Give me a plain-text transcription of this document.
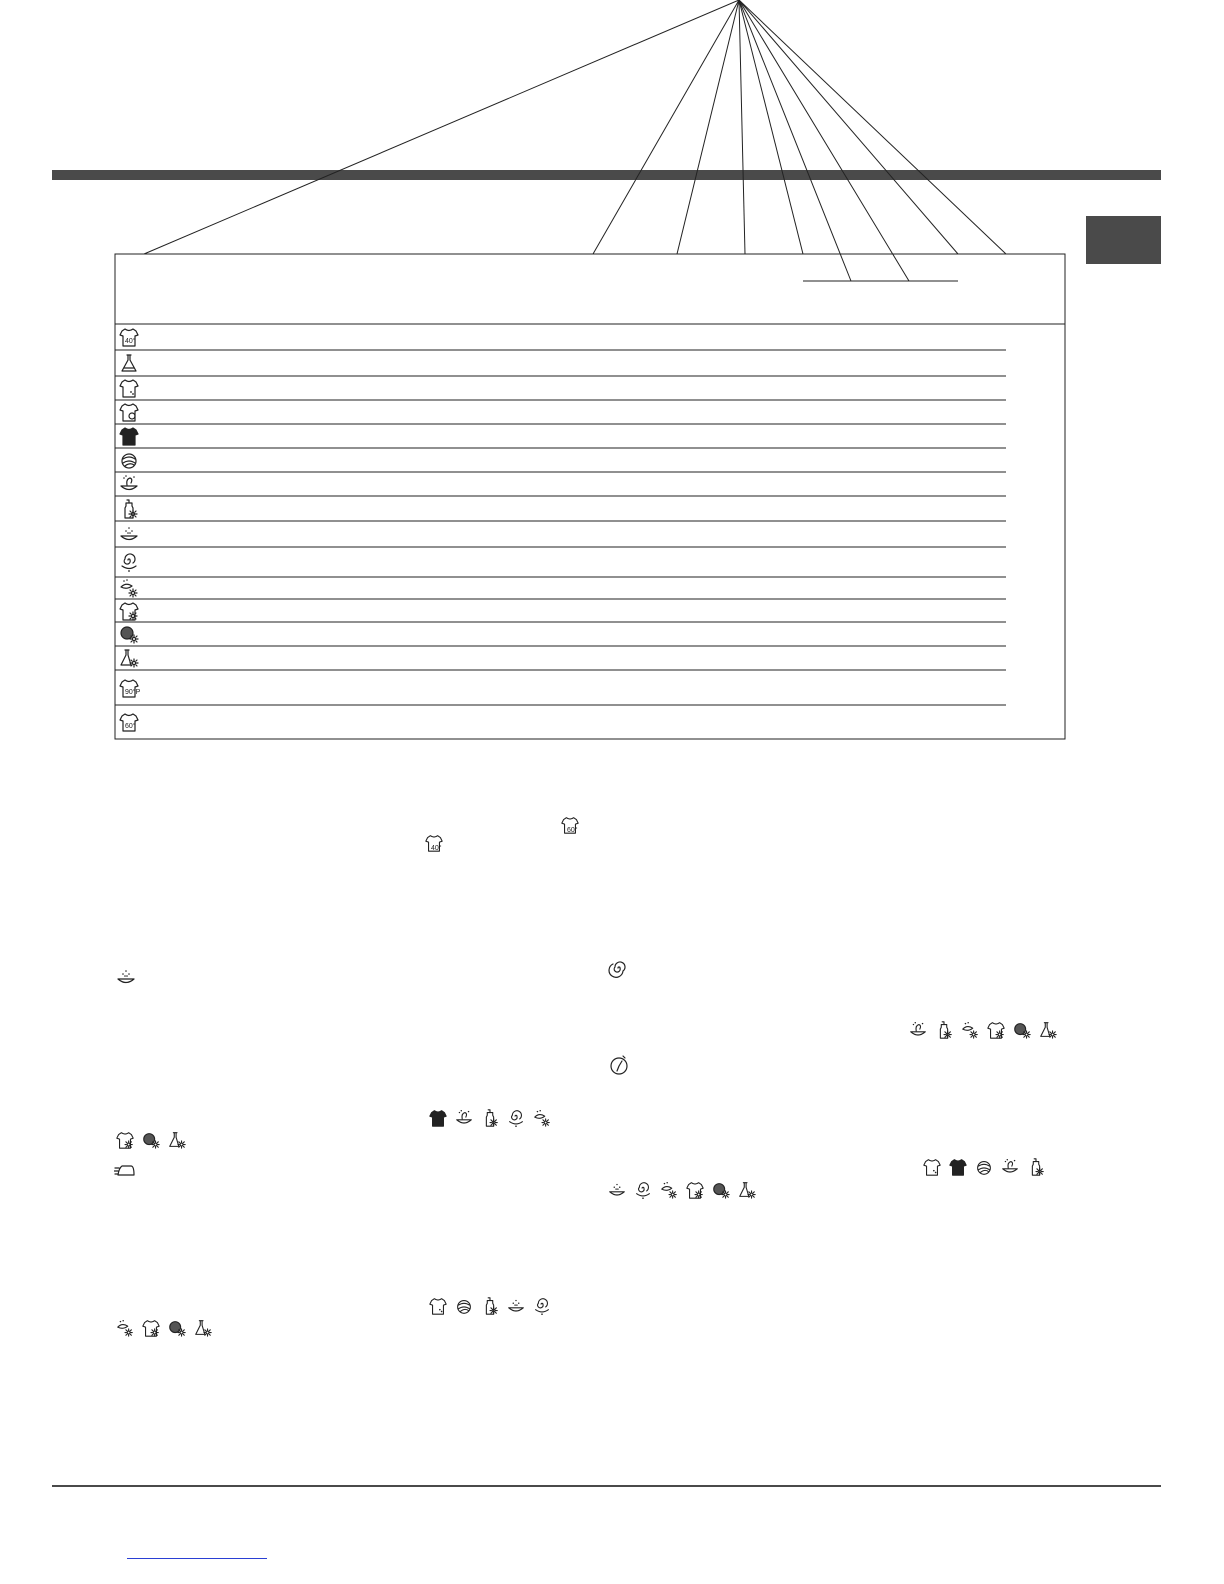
40°
90°P
60°
60°
40°
